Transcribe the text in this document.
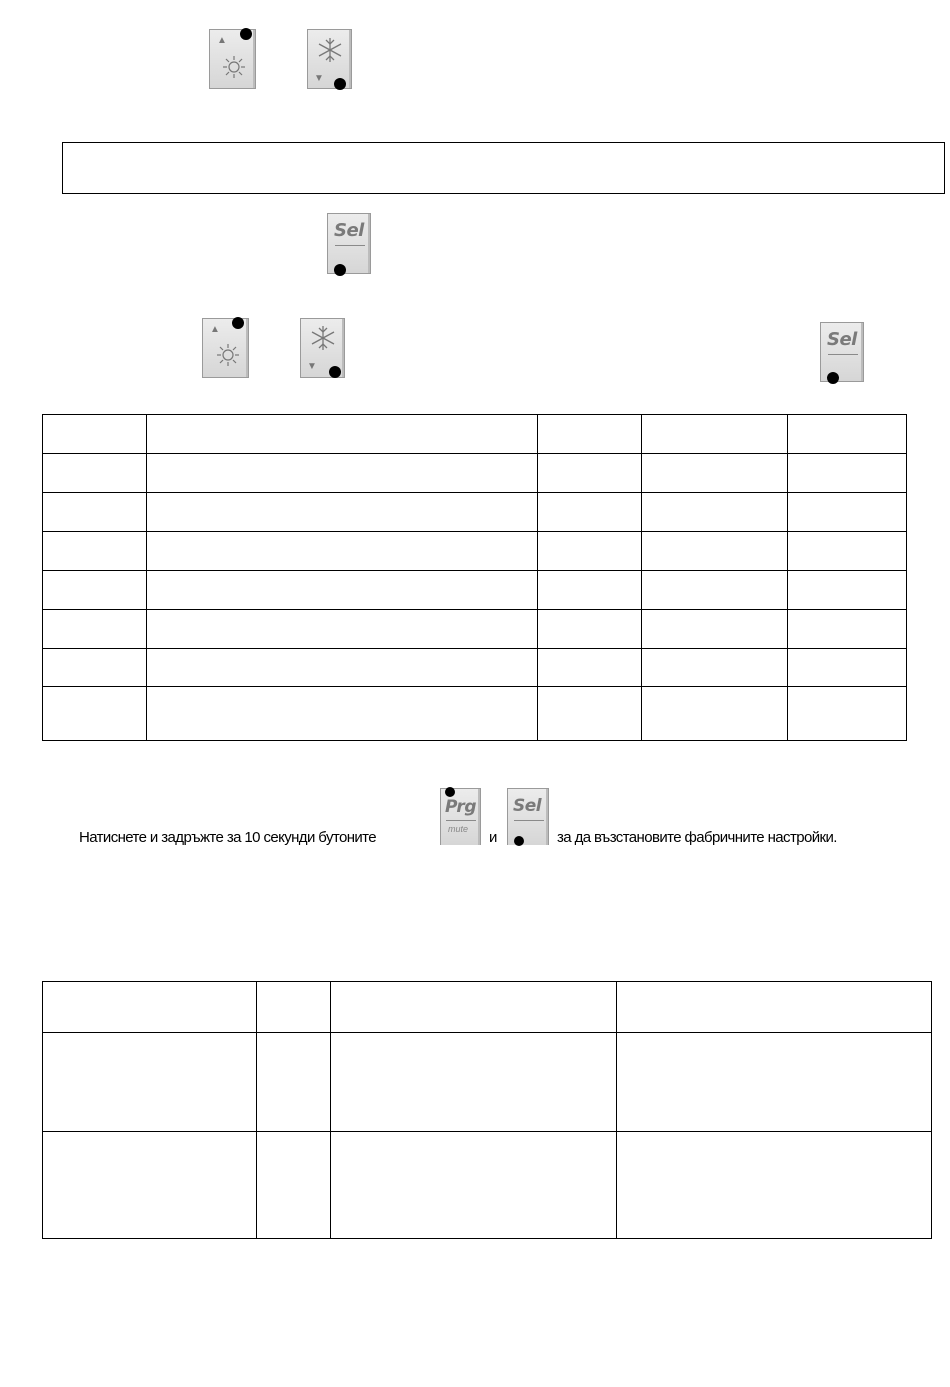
▲
▼
Sel
▲
▼
Sel
Натиснете и задръжте за 10 секунди бутоните
Prg
mute и
Sel
за да възстановите фабричните настройки.
